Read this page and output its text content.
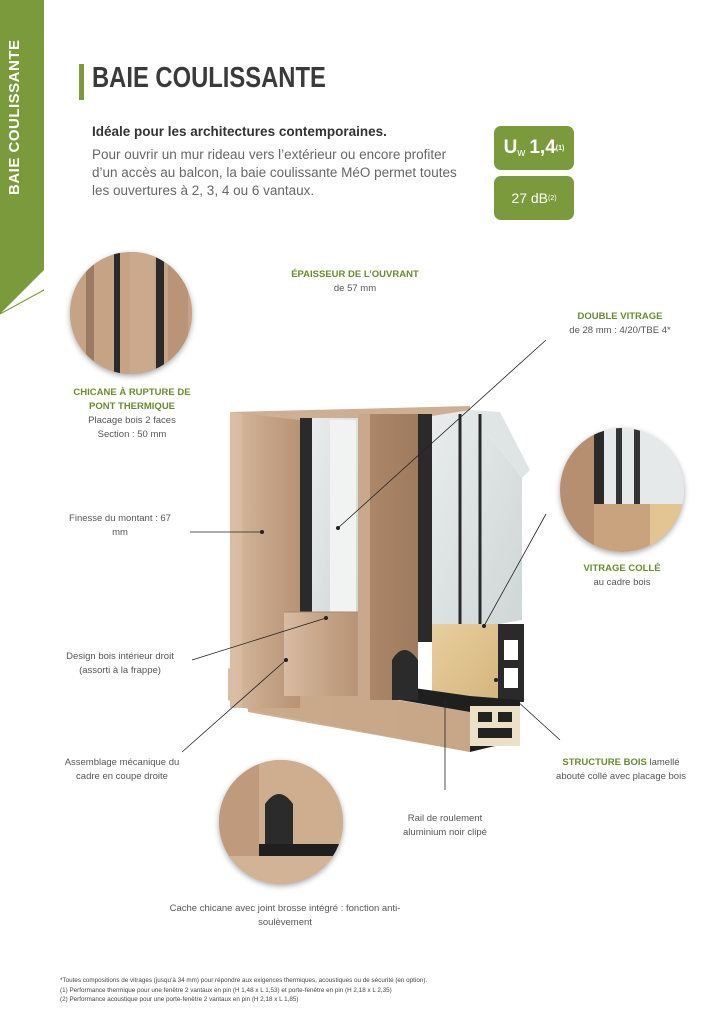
BAIE COULISSANTE BAIE COULISSANTE
Idéale pour les architectures contemporaines.
Pour ouvrir un mur rideau vers l’extérieur ou encore profiter d’un accès au balcon, la baie coulissante MéO permet toutes les ouvertures à 2, 3, 4 ou 6 vantaux.
U w 1,4 (1)
27 dB (2)
ÉPAISSEUR DE L’OUVRANT
de 57 mm
DOUBLE VITRAGE
de 28 mm : 4/20/TBE 4*
CHICANE À RUPTURE DE PONT THERMIQUE
Placage bois 2 faces
Section : 50 mm
Finesse du montant : 67 mm
Design bois intérieur droit (assorti à la frappe)
Assemblage mécanique du cadre en coupe droite
VITRAGE COLLÉ
au cadre bois
STRUCTURE BOIS lamellé
abouté collé avec placage bois
Rail de roulement aluminium noir clipé
Cache chicane avec joint brosse intégré : fonction anti-soulèvement
*Toutes compositions de vitrages (jusqu’à 34 mm) pour répondre aux exigences thermiques, acoustiques ou de sécurité (en option).
(1) Performance thermique pour une fenêtre 2 vantaux en pin (H 1,48 x L 1,53) et porte-fenêtre en pin (H 2,18 x L 2,35)
(2) Performance acoustique pour une porte-fenêtre 2 vantaux en pin (H 2,18 x L 1,85)
